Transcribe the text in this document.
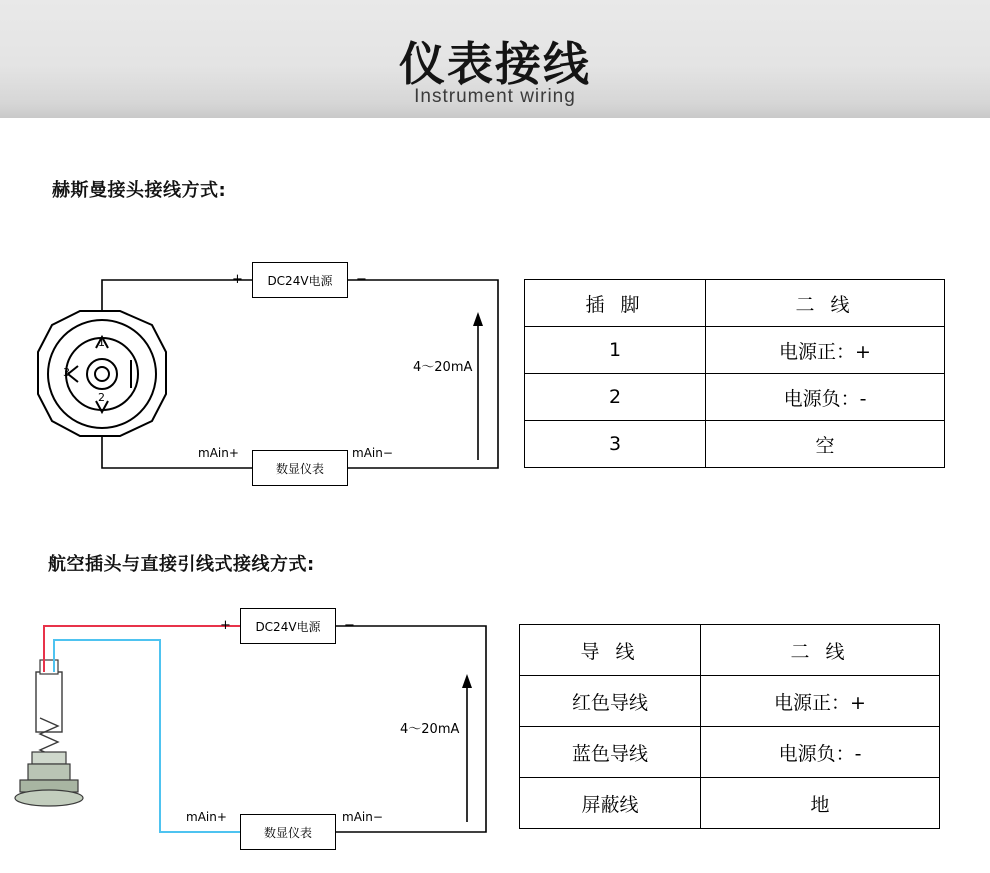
仪表接线
Instrument wiring
赫斯曼接头接线方式:
DC24V电源
数显仪表
+	−
4～20mA
mAin+	mAin−
1
2
3
插 脚	二 线
1	电源正：+
2	电源负：-
3	空
航空插头与直接引线式接线方式:
DC24V电源
数显仪表
+	−
4～20mA
mAin+	mAin−
导 线	二 线
红色导线	电源正：+
蓝色导线	电源负：-
屏蔽线	地
